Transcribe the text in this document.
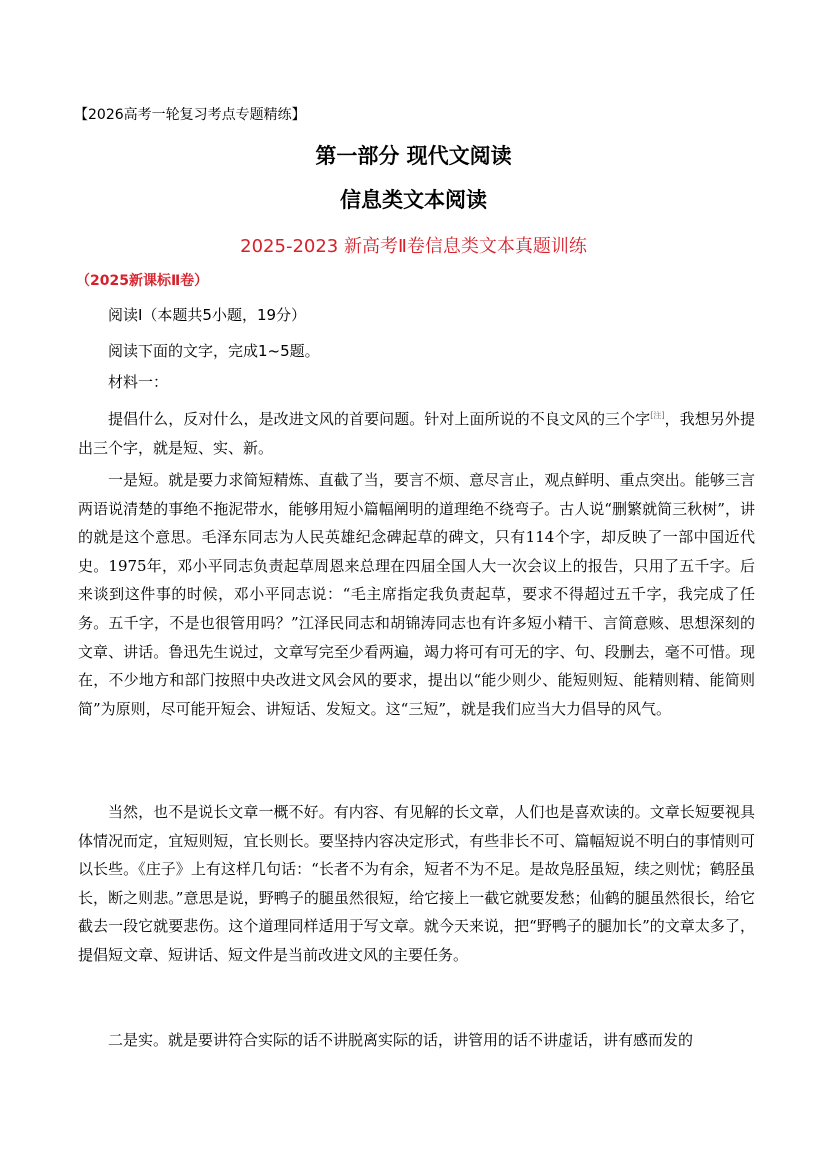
【2026高考一轮复习考点专题精练】
第一部分 现代文阅读
信息类文本阅读
2025-2023 新高考Ⅱ卷信息类文本真题训练
（2025新课标Ⅱ卷）
阅读Ⅰ（本题共5小题，19分）
阅读下面的文字，完成1~5题。
材料一：

提倡什么，反对什么，是改进文风的首要问题。针对上面所说的不良文风的三个字[注]，我想另外提出三个字，就是短、实、新。

一是短。就是要力求简短精炼、直截了当，要言不烦、意尽言止，观点鲜明、重点突出。能够三言两语说清楚的事绝不拖泥带水，能够用短小篇幅阐明的道理绝不绕弯子。古人说“删繁就简三秋树”，讲的就是这个意思。毛泽东同志为人民英雄纪念碑起草的碑文，只有114个字，却反映了一部中国近代史。1975年，邓小平同志负责起草周恩来总理在四届全国人大一次会议上的报告，只用了五千字。后来谈到这件事的时候，邓小平同志说：“毛主席指定我负责起草，要求不得超过五千字，我完成了任务。五千字，不是也很管用吗？”江泽民同志和胡锦涛同志也有许多短小精干、言简意赅、思想深刻的文章、讲话。鲁迅先生说过，文章写完至少看两遍，竭力将可有可无的字、句、段删去，毫不可惜。现在，不少地方和部门按照中央改进文风会风的要求，提出以“能少则少、能短则短、能精则精、能简则简”为原则，尽可能开短会、讲短话、发短文。这“三短”，就是我们应当大力倡导的风气。

当然，也不是说长文章一概不好。有内容、有见解的长文章，人们也是喜欢读的。文章长短要视具体情况而定，宜短则短，宜长则长。要坚持内容决定形式，有些非长不可、篇幅短说不明白的事情则可以长些。《庄子》上有这样几句话：“长者不为有余，短者不为不足。是故凫胫虽短，续之则忧；鹤胫虽长，断之则悲。”意思是说，野鸭子的腿虽然很短，给它接上一截它就要发愁；仙鹤的腿虽然很长，给它截去一段它就要悲伤。这个道理同样适用于写文章。就今天来说，把“野鸭子的腿加长”的文章太多了，提倡短文章、短讲话、短文件是当前改进文风的主要任务。

二是实。就是要讲符合实际的话不讲脱离实际的话，讲管用的话不讲虚话，讲有感而发的
